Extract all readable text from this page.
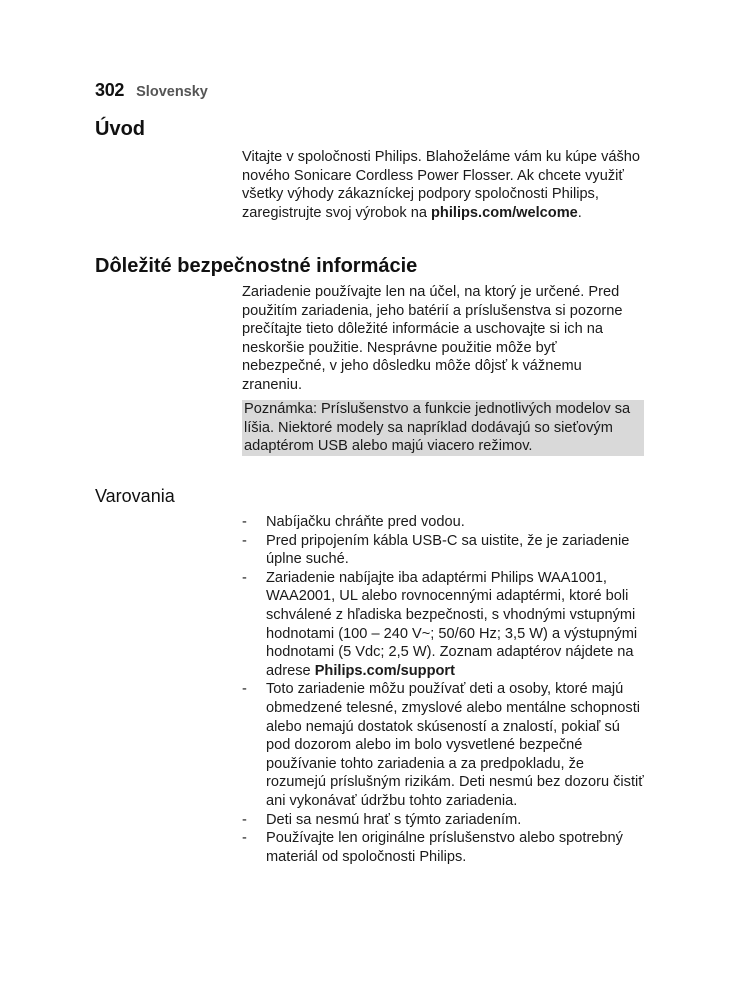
302 Slovensky
Úvod

Vitajte v spoločnosti Philips. Blahoželáme vám ku kúpe vášho nového Sonicare Cordless Power Flosser. Ak chcete využiť všetky výhody zákazníckej podpory spoločnosti Philips, zaregistrujte svoj výrobok na philips.com/welcome.

Dôležité bezpečnostné informácie

Zariadenie používajte len na účel, na ktorý je určené. Pred použitím zariadenia, jeho batérií a príslušenstva si pozorne prečítajte tieto dôležité informácie a uschovajte si ich na neskoršie použitie. Nesprávne použitie môže byť nebezpečné, v jeho dôsledku môže dôjsť k vážnemu zraneniu.

Poznámka: Príslušenstvo a funkcie jednotlivých modelov sa líšia. Niektoré modely sa napríklad dodávajú so sieťovým adaptérom USB alebo majú viacero režimov.

Varovania
- Nabíjačku chráňte pred vodou.
- Pred pripojením kábla USB-C sa uistite, že je zariadenie úplne suché.
- Zariadenie nabíjajte iba adaptérmi Philips WAA1001, WAA2001, UL alebo rovnocennými adaptérmi, ktoré boli schválené z hľadiska bezpečnosti, s vhodnými vstupnými hodnotami (100 – 240 V~; 50/60 Hz; 3,5 W) a výstupnými hodnotami (5 Vdc; 2,5 W). Zoznam adaptérov nájdete na adrese Philips.com/support
- Toto zariadenie môžu používať deti a osoby, ktoré majú obmedzené telesné, zmyslové alebo mentálne schopnosti alebo nemajú dostatok skúseností a znalostí, pokiaľ sú pod dozorom alebo im bolo vysvetlené bezpečné používanie tohto zariadenia a za predpokladu, že rozumejú príslušným rizikám. Deti nesmú bez dozoru čistiť ani vykonávať údržbu tohto zariadenia.
- Deti sa nesmú hrať s týmto zariadením.
- Používajte len originálne príslušenstvo alebo spotrebný materiál od spoločnosti Philips.
